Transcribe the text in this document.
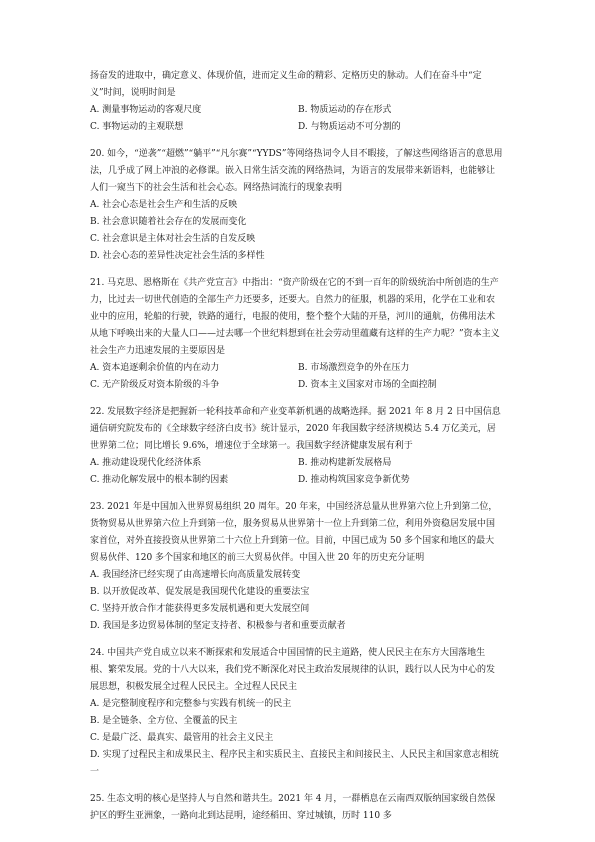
扬奋发的进取中，确定意义、体现价值，进而定义生命的精彩、定格历史的脉动。人们在奋斗中“定义”时间，说明时间是

A. 测量事物运动的客观尺度	B. 物质运动的存在形式
C. 事物运动的主观联想	D. 与物质运动不可分割的

20. 如今，“逆袭”“超燃”“躺平”“凡尔赛”“YYDS”等网络热词令人目不暇接，了解这些网络语言的意思用法，几乎成了网上冲浪的必修课。嵌入日常生活交流的网络热词，为语言的发展带来新语料，也能够让人们一窥当下的社会生活和社会心态。网络热词流行的现象表明

A. 社会心态是社会生产和生活的反映

B. 社会意识随着社会存在的发展而变化

C. 社会意识是主体对社会生活的自发反映

D. 社会心态的差异性决定社会生活的多样性

21. 马克思、恩格斯在《共产党宣言》中指出：“资产阶级在它的不到一百年的阶级统治中所创造的生产力，比过去一切世代创造的全部生产力还要多，还要大。自然力的征服，机器的采用，化学在工业和农业中的应用，轮船的行驶，铁路的通行，电报的使用，整个整个大陆的开垦，河川的通航，仿佛用法术从地下呼唤出来的大量人口——过去哪一个世纪料想到在社会劳动里蕴藏有这样的生产力呢？”资本主义社会生产力迅速发展的主要原因是

A. 资本追逐剩余价值的内在动力	B. 市场激烈竞争的外在压力
C. 无产阶级反对资本阶级的斗争	D. 资本主义国家对市场的全面控制

22. 发展数字经济是把握新一轮科技革命和产业变革新机遇的战略选择。据 2021 年 8 月 2 日中国信息通信研究院发布的《全球数字经济白皮书》统计显示，2020 年我国数字经济规模达 5.4 万亿美元，居世界第二位；同比增长 9.6%，增速位于全球第一。我国数字经济健康发展有利于

A. 推动建设现代化经济体系	B. 推动构建新发展格局
C. 推动化解发展中的根本制约因素	D. 推动构筑国家竞争新优势

23. 2021 年是中国加入世界贸易组织 20 周年。20 年来，中国经济总量从世界第六位上升到第二位，货物贸易从世界第六位上升到第一位，服务贸易从世界第十一位上升到第二位，利用外资稳居发展中国家首位，对外直接投资从世界第二十六位上升到第一位。目前，中国已成为 50 多个国家和地区的最大贸易伙伴、120 多个国家和地区的前三大贸易伙伴。中国入世 20 年的历史充分证明

A. 我国经济已经实现了由高速增长向高质量发展转变

B. 以开放促改革、促发展是我国现代化建设的重要法宝

C. 坚持开放合作才能获得更多发展机遇和更大发展空间

D. 我国是多边贸易体制的坚定支持者、积极参与者和重要贡献者

24. 中国共产党自成立以来不断探索和发展适合中国国情的民主道路，使人民民主在东方大国落地生根、繁荣发展。党的十八大以来，我们党不断深化对民主政治发展规律的认识，践行以人民为中心的发展思想，积极发展全过程人民民主。全过程人民民主

A. 是完整制度程序和完整参与实践有机统一的民主

B. 是全链条、全方位、全覆盖的民主

C. 是最广泛、最真实、最管用的社会主义民主

D. 实现了过程民主和成果民主、程序民主和实质民主、直接民主和间接民主、人民民主和国家意志相统一

25. 生态文明的核心是坚持人与自然和谐共生。2021 年 4 月，一群栖息在云南西双版纳国家级自然保护区的野生亚洲象，一路向北到达昆明，途经稻田、穿过城镇，历时 110 多
